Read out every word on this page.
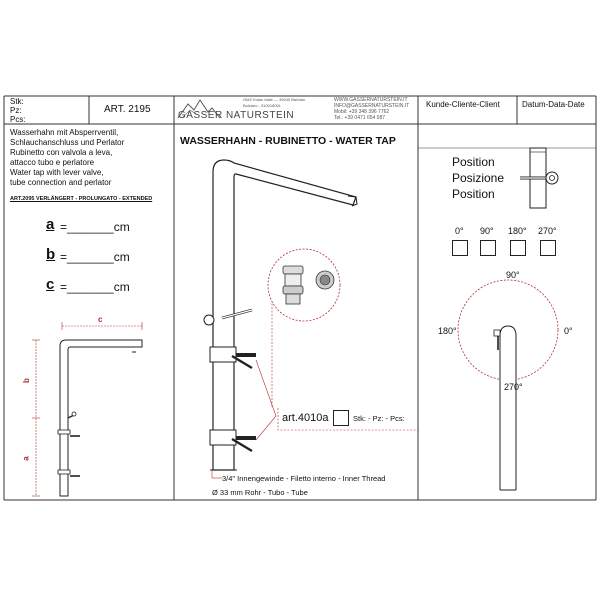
Stk:
Pz:
Pcs:
ART. 2195
GASSER NATURSTEIN
GMZ Kulan Italie — 39040 Barbian
Bolzano - 31001800L
WWW.GASSERNATURSTEIN.IT
INFO@GASSERNATURSTEIN.IT
Mobil: +39 348 396 7762
Tel.: +39 0471 654 087
Kunde-Cliente-Client	Datum-Data-Date
Wasserhahn mit Absperrventil,
Schlauchanschluss und Perlator
Rubinetto con valvola a leva,
attacco tubo e perlatore
Water tap with lever valve,
tube connection and perlator
ART.2095 VERLÄNGERT - PROLUNGATO - EXTENDED
a =_______cm
b =_______cm
c =_______cm
c
b
a
WASSERHAHN - RUBINETTO - WATER TAP
art.4010a	Stk: - Pz: - Pcs:
3/4" Innengewinde - Filetto interno - Inner Thread
Ø 33 mm Rohr - Tubo - Tube
Position
Posizione
Position
0° 90° 180° 270°
90°
180°	0°
270°
